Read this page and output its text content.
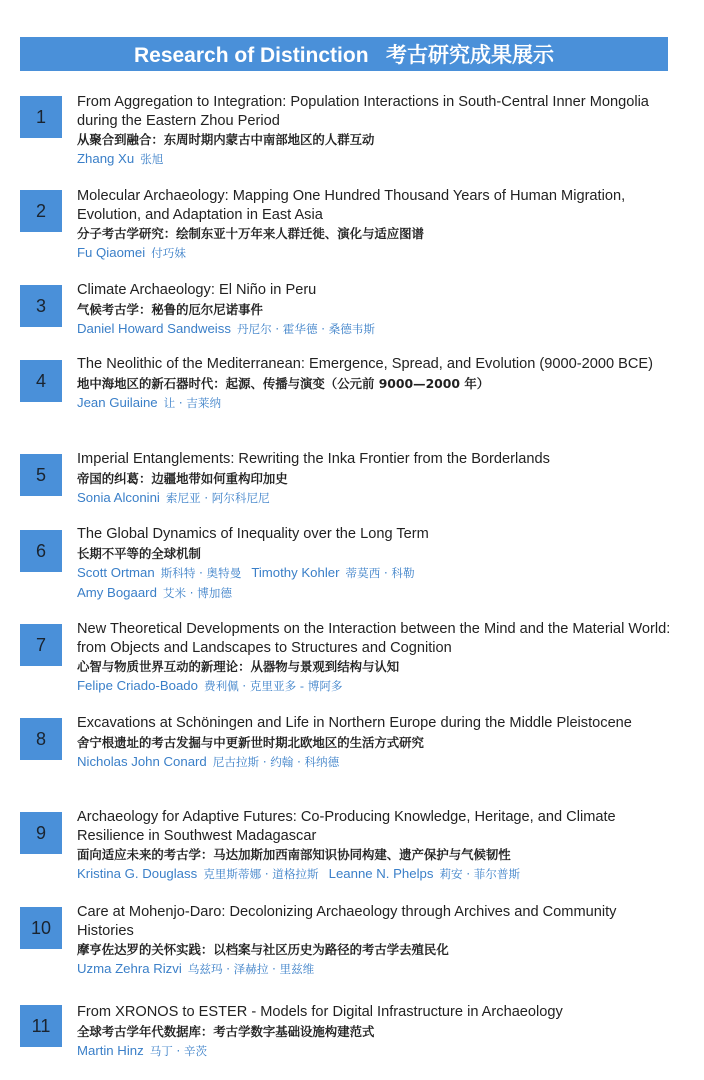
Research of Distinction   考古研究成果展示
1
From Aggregation to Integration: Population Interactions in South-Central Inner Mongolia during the Eastern Zhou Period
从聚合到融合：东周时期内蒙古中南部地区的人群互动
Zhang Xu 张旭
2
Molecular Archaeology: Mapping One Hundred Thousand Years of Human Migration, Evolution, and Adaptation in East Asia
分子考古学研究：绘制东亚十万年来人群迁徙、演化与适应图谱
Fu Qiaomei 付巧妹
3
Climate Archaeology: El Niño in Peru
气候考古学：秘鲁的厄尔尼诺事件
Daniel Howard Sandweiss 丹尼尔 · 霍华德 · 桑德韦斯
4
The Neolithic of the Mediterranean: Emergence, Spread, and Evolution (9000-2000 BCE)
地中海地区的新石器时代：起源、传播与演变（公元前 9000—2000 年）
Jean Guilaine 让 · 吉莱纳
5
Imperial Entanglements: Rewriting the Inka Frontier from the Borderlands
帝国的纠葛：边疆地带如何重构印加史
Sonia Alconini 索尼亚 · 阿尔科尼尼
6
The Global Dynamics of Inequality over the Long Term
长期不平等的全球机制
Scott Ortman 斯科特 · 奥特曼 Timothy Kohler 蒂莫西 · 科勒
Amy Bogaard 艾米 · 博加德
7
New Theoretical Developments on the Interaction between the Mind and the Material World: from Objects and Landscapes to Structures and Cognition
心智与物质世界互动的新理论：从器物与景观到结构与认知
Felipe Criado-Boado 费利佩 · 克里亚多 - 博阿多
8
Excavations at Schöningen and Life in Northern Europe during the Middle Pleistocene
舍宁根遗址的考古发掘与中更新世时期北欧地区的生活方式研究
Nicholas John Conard 尼古拉斯 · 约翰 · 科纳德
9
Archaeology for Adaptive Futures: Co-Producing Knowledge, Heritage, and Climate Resilience in Southwest Madagascar
面向适应未来的考古学：马达加斯加西南部知识协同构建、遗产保护与气候韧性
Kristina G. Douglass 克里斯蒂娜 · 道格拉斯 Leanne N. Phelps 莉安 · 菲尔普斯
10
Care at Mohenjo-Daro: Decolonizing Archaeology through Archives and Community Histories
摩亨佐达罗的关怀实践：以档案与社区历史为路径的考古学去殖民化
Uzma Zehra Rizvi 乌兹玛 · 泽赫拉 · 里兹维
11
From XRONOS to ESTER - Models for Digital Infrastructure in Archaeology
全球考古学年代数据库：考古学数字基础设施构建范式
Martin Hinz 马丁 · 辛茨
